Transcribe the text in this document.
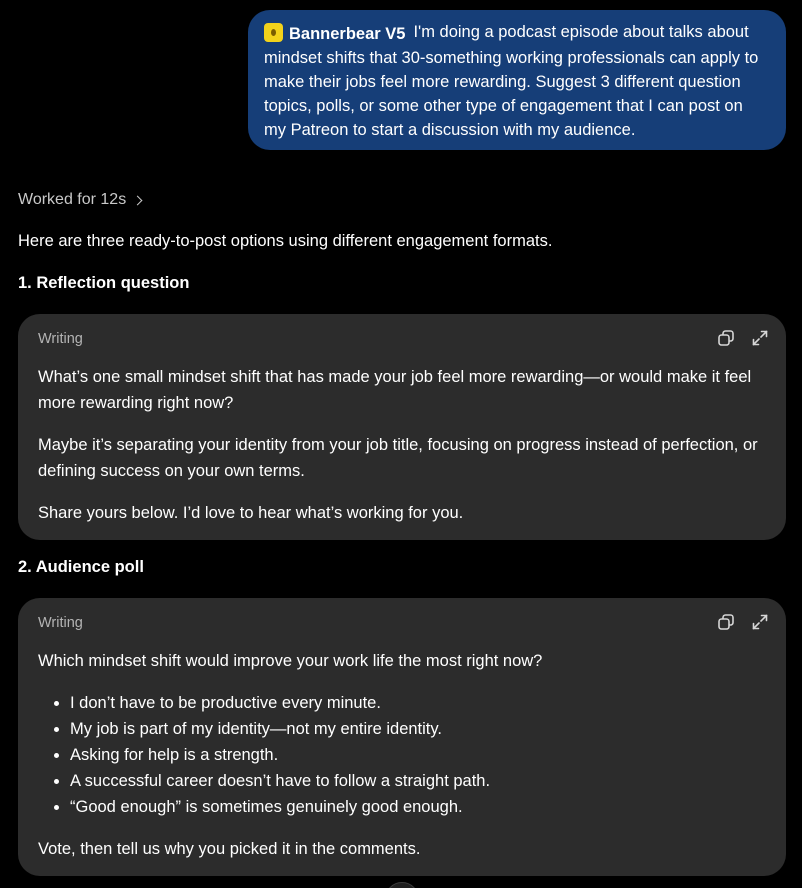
Bannerbear V5 I'm doing a podcast episode about talks about mindset shifts that 30-something working professionals can apply to make their jobs feel more rewarding. Suggest 3 different question topics, polls, or some other type of engagement that I can post on my Patreon to start a discussion with my audience.
Worked for 12s
Here are three ready-to-post options using different engagement formats.
1. Reflection question
Writing

What’s one small mindset shift that has made your job feel more rewarding—or would make it feel more rewarding right now?

Maybe it’s separating your identity from your job title, focusing on progress instead of perfection, or defining success on your own terms.

Share yours below. I’d love to hear what’s working for you.

2. Audience poll
Writing

Which mindset shift would improve your work life the most right now?

• I don’t have to be productive every minute.
• My job is part of my identity—not my entire identity.
• Asking for help is a strength.
• A successful career doesn’t have to follow a straight path.
• “Good enough” is sometimes genuinely good enough.

Vote, then tell us why you picked it in the comments.
